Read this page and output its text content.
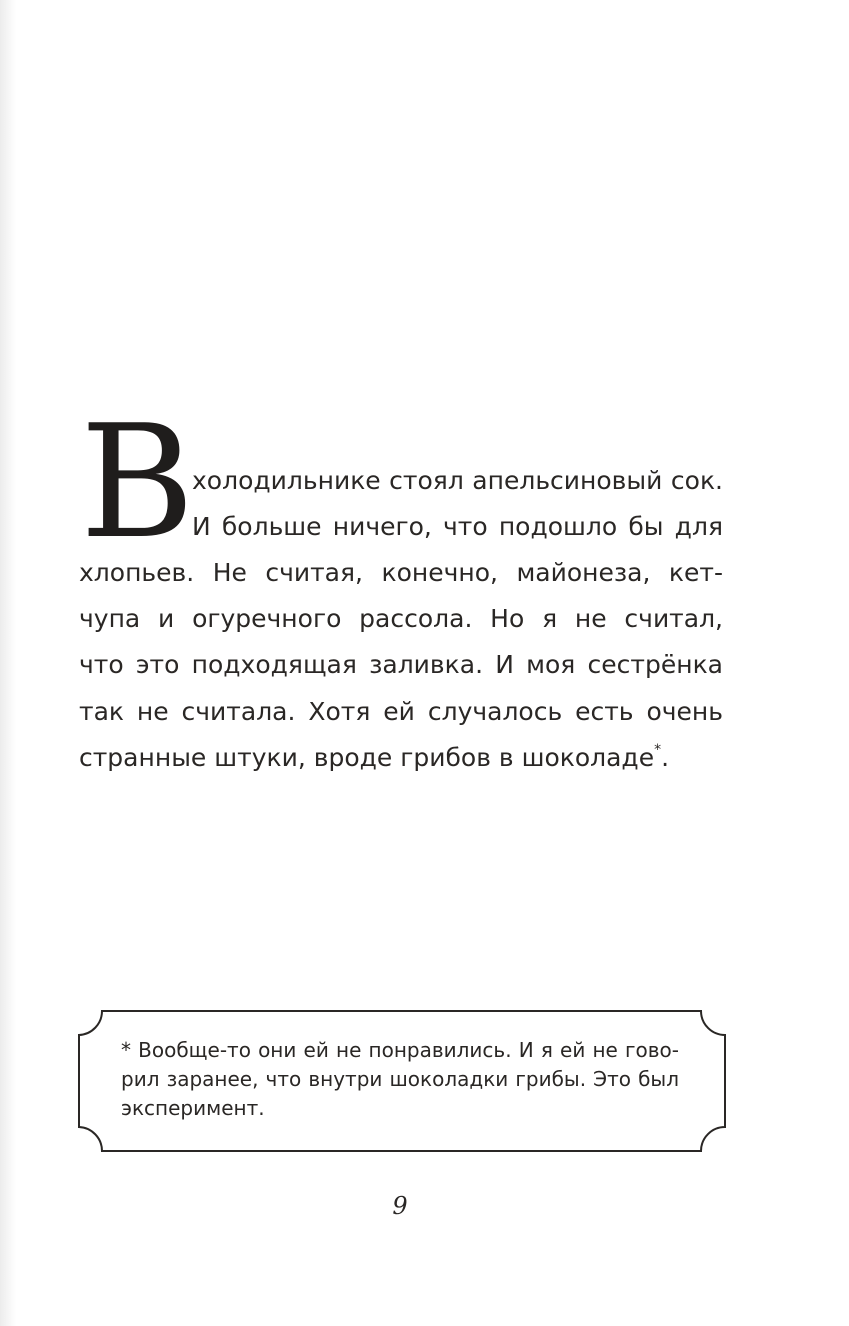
В
холодильнике стоял апельсиновый сок.
И больше ничего, что подошло бы для
хлопьев. Не считая, конечно, майонеза, кет-
чупа и огуречного рассола. Но я не считал,
что это подходящая заливка. И моя сестрёнка
так не считала. Хотя ей случалось есть очень
странные штуки, вроде грибов в шоколаде*.
* Вообще-то они ей не понравились. И я ей не гово-
рил заранее, что внутри шоколадки грибы. Это был
эксперимент.
9
